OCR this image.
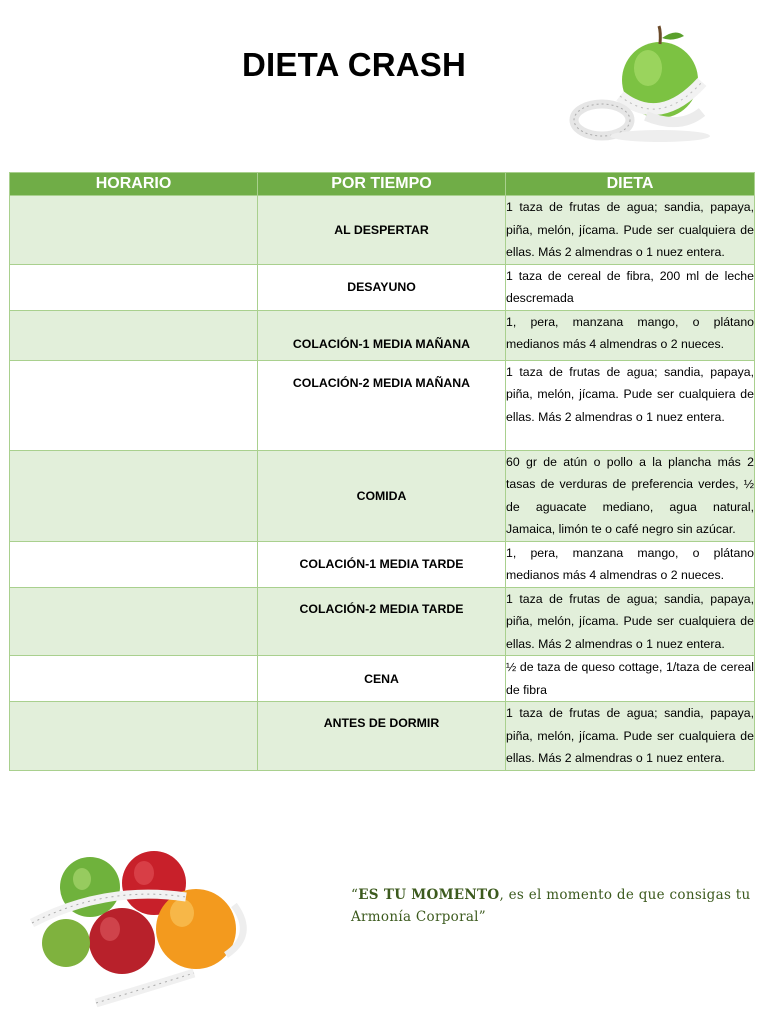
DIETA CRASH
HORARIO	POR TIEMPO	DIETA
	AL DESPERTAR	1 taza de frutas de agua; sandia, papaya, piña, melón, jícama. Pude ser cualquiera de ellas. Más 2 almendras o 1 nuez entera.
	DESAYUNO	1 taza de cereal de fibra, 200 ml de leche descremada
	COLACIÓN-1 MEDIA MAÑANA	1, pera, manzana mango, o plátano medianos más 4 almendras o 2 nueces.
	COLACIÓN-2 MEDIA MAÑANA	1 taza de frutas de agua; sandia, papaya, piña, melón, jícama. Pude ser cualquiera de ellas. Más 2 almendras o 1 nuez entera.
	COMIDA	60 gr de atún o pollo a la plancha más 2 tasas de verduras de preferencia verdes, ½ de aguacate mediano, agua natural, Jamaica, limón te o café negro sin azúcar.
	COLACIÓN-1 MEDIA TARDE	1, pera, manzana mango, o plátano medianos más 4 almendras o 2 nueces.
	COLACIÓN-2 MEDIA TARDE	1 taza de frutas de agua; sandia, papaya, piña, melón, jícama. Pude ser cualquiera de ellas. Más 2 almendras o 1 nuez entera.
	CENA	½ de taza de queso cottage, 1/taza de cereal de fibra
	ANTES DE DORMIR	1 taza de frutas de agua; sandia, papaya, piña, melón, jícama. Pude ser cualquiera de ellas. Más 2 almendras o 1 nuez entera.
“ES TU MOMENTO, es el momento de que consigas tu Armonía Corporal”
